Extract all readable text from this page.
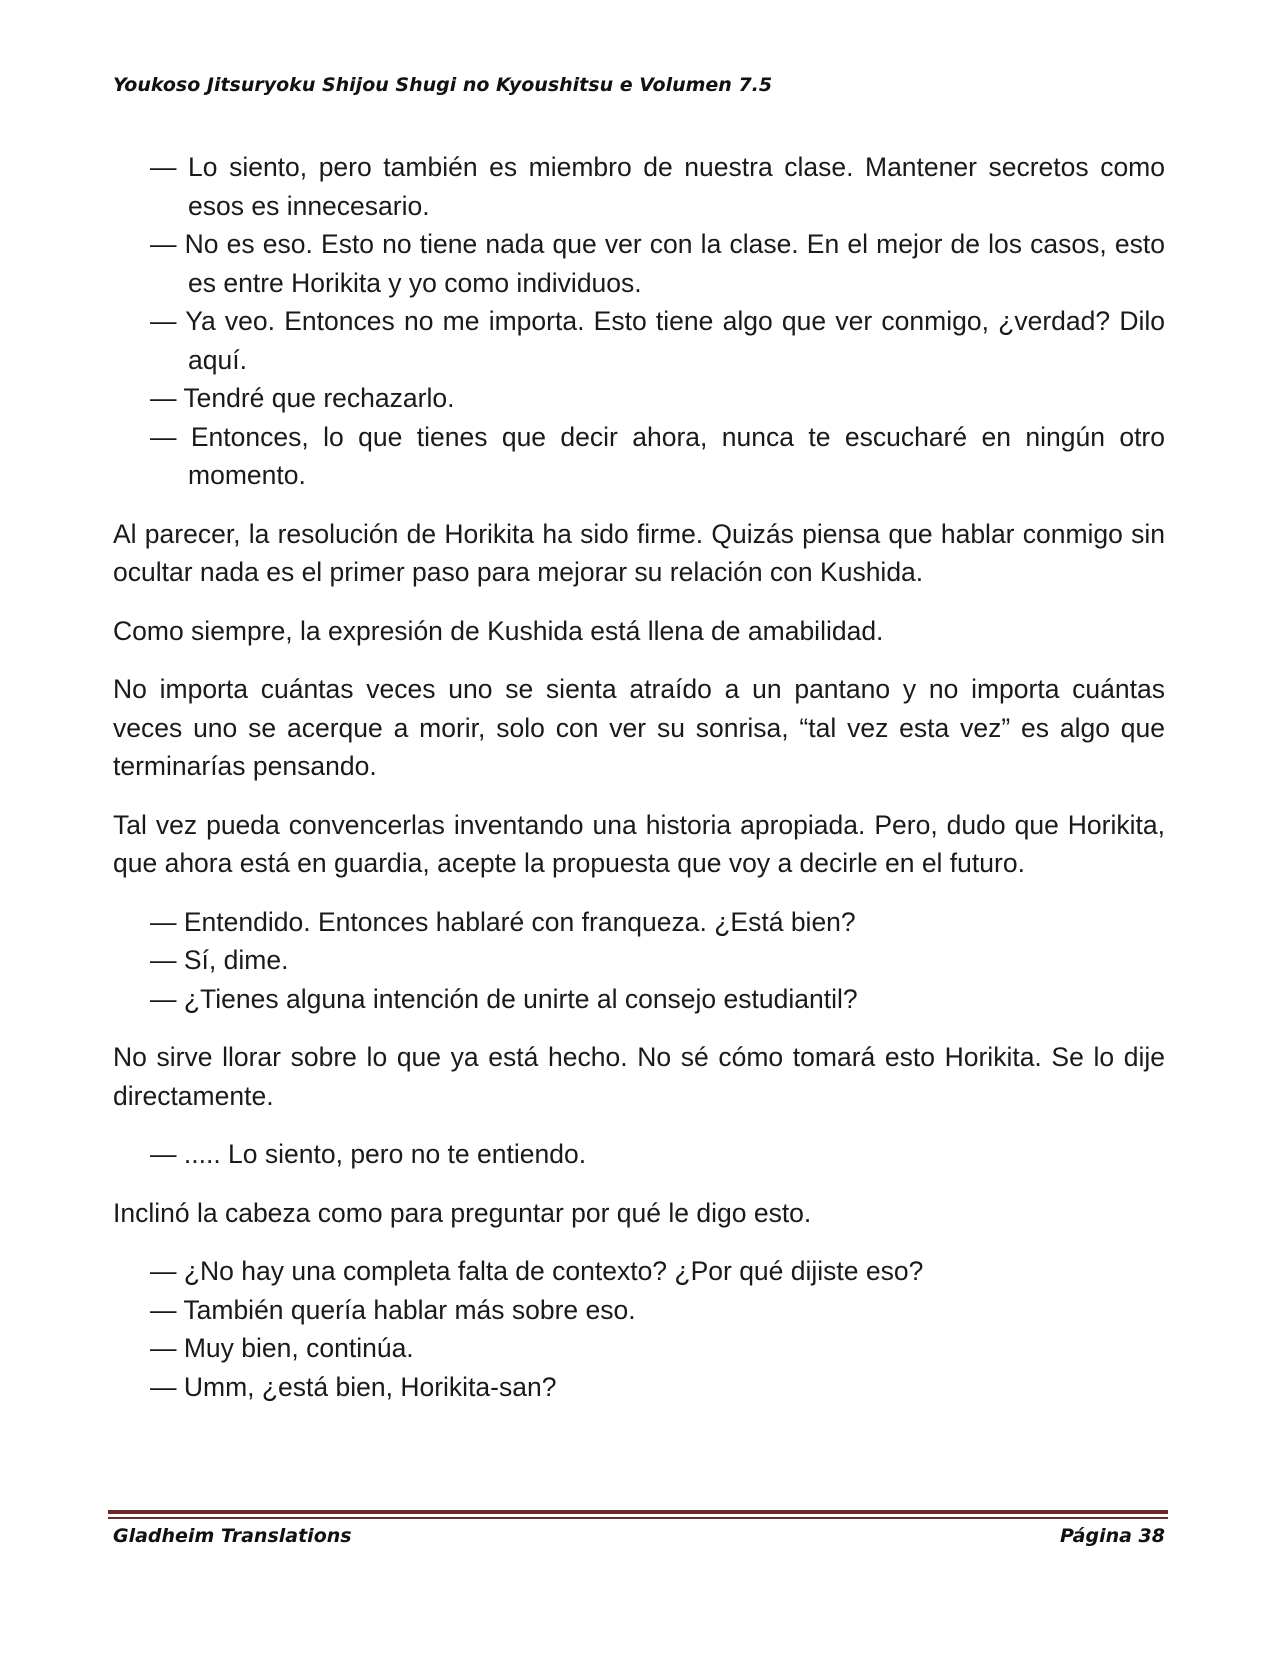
Youkoso Jitsuryoku Shijou Shugi no Kyoushitsu e Volumen 7.5
— Lo siento, pero también es miembro de nuestra clase. Mantener secretos como esos es innecesario.
— No es eso. Esto no tiene nada que ver con la clase. En el mejor de los casos, esto es entre Horikita y yo como individuos.
— Ya veo. Entonces no me importa. Esto tiene algo que ver conmigo, ¿verdad? Dilo aquí.
— Tendré que rechazarlo.
— Entonces, lo que tienes que decir ahora, nunca te escucharé en ningún otro momento.

Al parecer, la resolución de Horikita ha sido firme. Quizás piensa que hablar conmigo sin ocultar nada es el primer paso para mejorar su relación con Kushida.

Como siempre, la expresión de Kushida está llena de amabilidad.

No importa cuántas veces uno se sienta atraído a un pantano y no importa cuántas veces uno se acerque a morir, solo con ver su sonrisa, “tal vez esta vez” es algo que terminarías pensando.

Tal vez pueda convencerlas inventando una historia apropiada. Pero, dudo que Horikita, que ahora está en guardia, acepte la propuesta que voy a decirle en el futuro.

— Entendido. Entonces hablaré con franqueza. ¿Está bien?
— Sí, dime.
— ¿Tienes alguna intención de unirte al consejo estudiantil?

No sirve llorar sobre lo que ya está hecho. No sé cómo tomará esto Horikita. Se lo dije directamente.

— ..... Lo siento, pero no te entiendo.

Inclinó la cabeza como para preguntar por qué le digo esto.

— ¿No hay una completa falta de contexto? ¿Por qué dijiste eso?
— También quería hablar más sobre eso.
— Muy bien, continúa.
— Umm, ¿está bien, Horikita-san?
Gladheim Translations	Página 38
